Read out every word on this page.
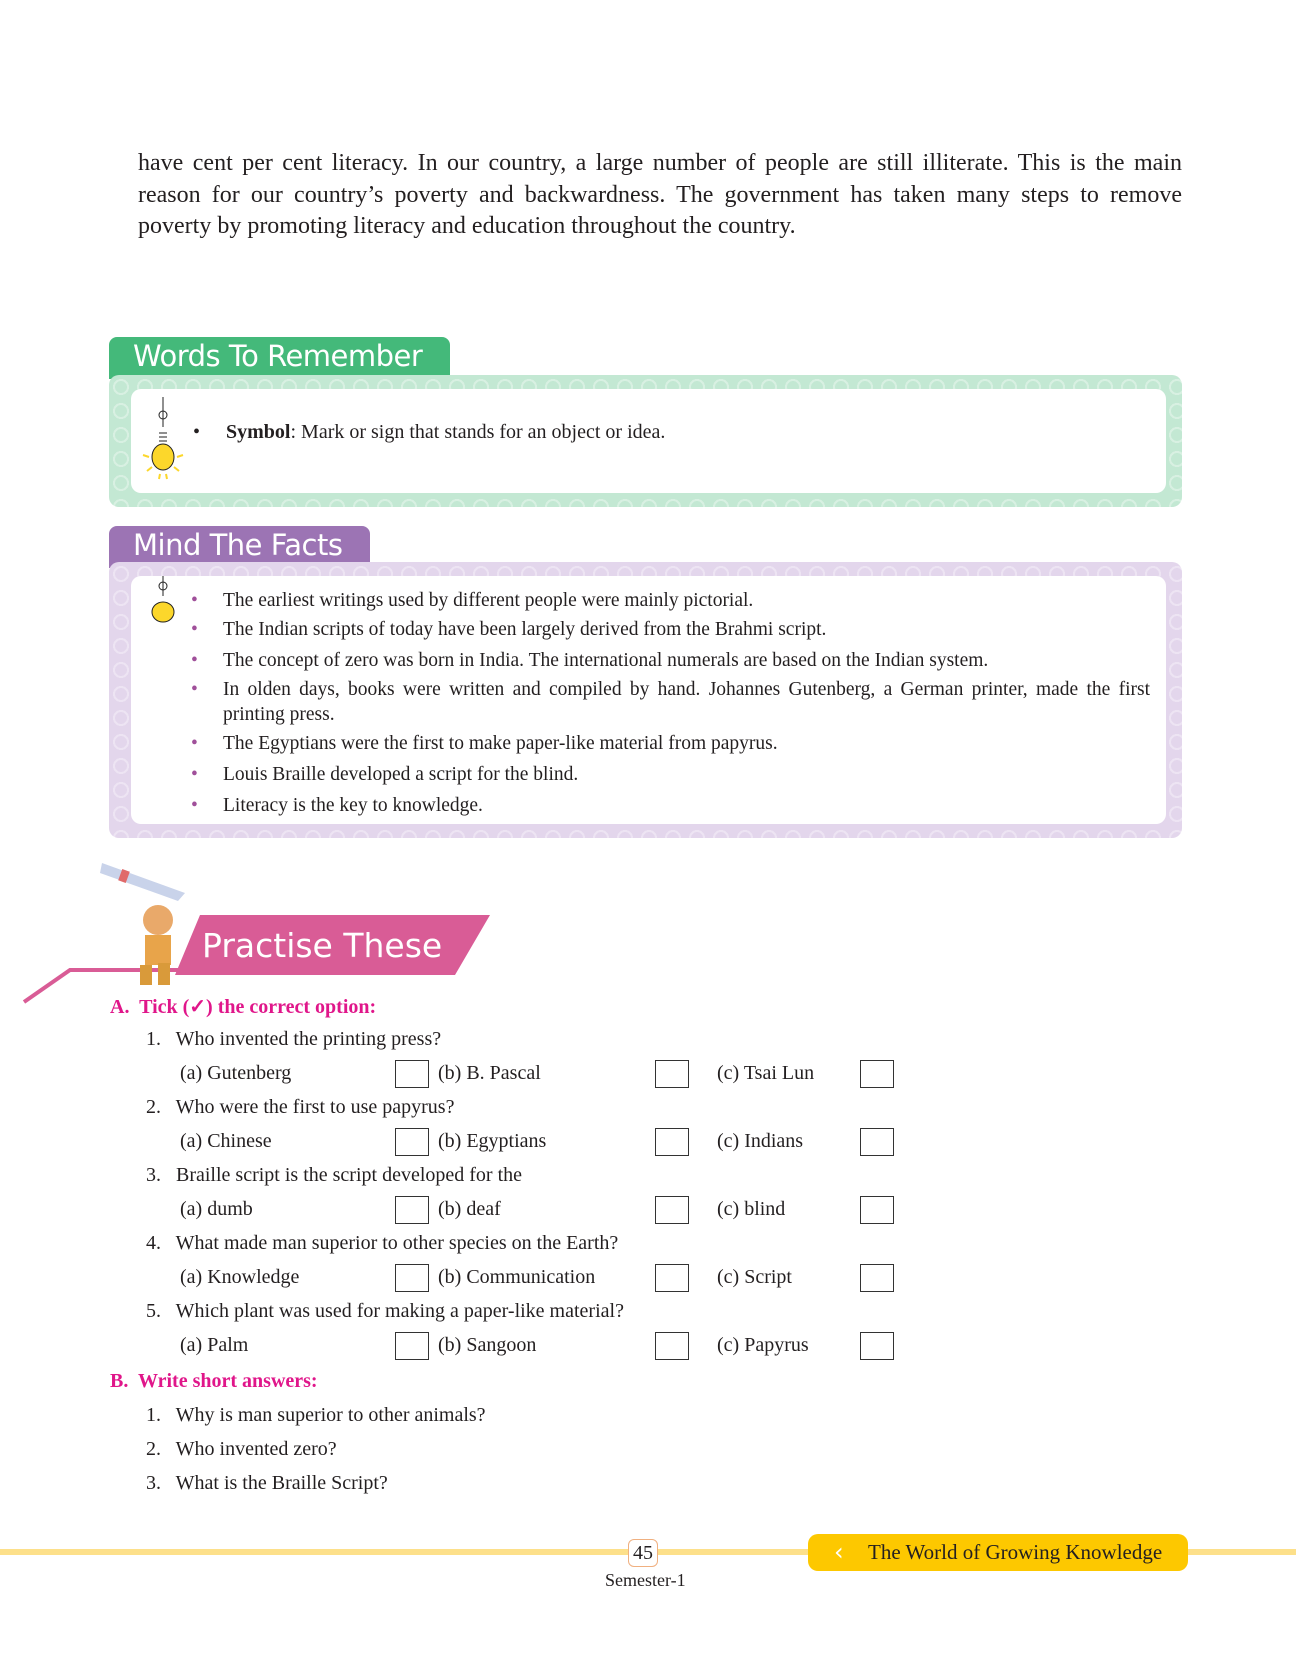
have cent per cent literacy. In our country, a large number of people are still illiterate. This is the main reason for our country’s poverty and backwardness. The government has taken many steps to remove poverty by promoting literacy and education throughout the country.

Words To Remember
• Symbol: Mark or sign that stands for an object or idea.
Mind The Facts
• The earliest writings used by different people were mainly pictorial.
• The Indian scripts of today have been largely derived from the Brahmi script.
• The concept of zero was born in India. The international numerals are based on the Indian system.
• In olden days, books were written and compiled by hand. Johannes Gutenberg, a German printer, made the first printing press.
• The Egyptians were the first to make paper-like material from papyrus.
• Louis Braille developed a script for the blind.
• Literacy is the key to knowledge.
Practise These
A. Tick (✓) the correct option:
1. Who invented the printing press?
(a) Gutenberg	(b) B. Pascal	(c) Tsai Lun
2. Who were the first to use papyrus?
(a) Chinese	(b) Egyptians	(c) Indians
3. Braille script is the script developed for the
(a) dumb	(b) deaf	(c) blind
4. What made man superior to other species on the Earth?
(a) Knowledge	(b) Communication	(c) Script
5. Which plant was used for making a paper-like material?
(a) Palm	(b) Sangoon	(c) Papyrus
B. Write short answers:
1. Why is man superior to other animals?
2. Who invented zero?
3. What is the Braille Script?
45
Semester-1
‹ The World of Growing Knowledge
